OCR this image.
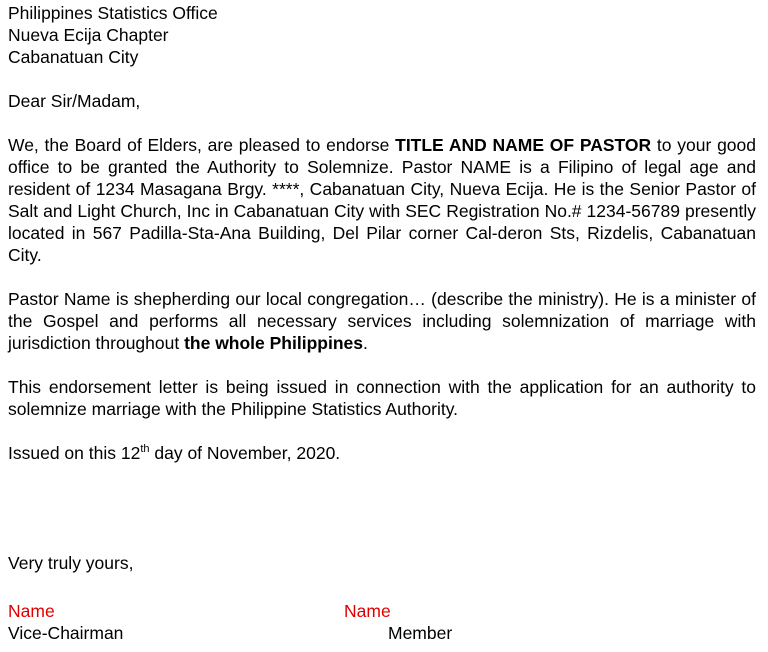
Philippines Statistics Office

Nueva Ecija Chapter

Cabanatuan City

Dear Sir/Madam,

We, the Board of Elders, are pleased to endorse TITLE AND NAME OF PASTOR to your good office to be granted the Authority to Solemnize. Pastor NAME is a Filipino of legal age and resident of 1234 Masagana Brgy. ****, Cabanatuan City, Nueva Ecija. He is the Senior Pastor of Salt and Light Church, Inc in Cabanatuan City with SEC Registration No.# 1234-56789 presently located in 567 Padilla-Sta-Ana Building, Del Pilar corner Cal-deron Sts, Rizdelis, Cabanatuan City.

Pastor Name is shepherding our local congregation… (describe the ministry). He is a minister of the Gospel and performs all necessary services including solemnization of marriage with jurisdiction throughout the whole Philippines.

This endorsement letter is being issued in connection with the application for an authority to solemnize marriage with the Philippine Statistics Authority.

Issued on this 12th day of November, 2020.

Very truly yours,

Name
Vice-Chairman
Name
Member
